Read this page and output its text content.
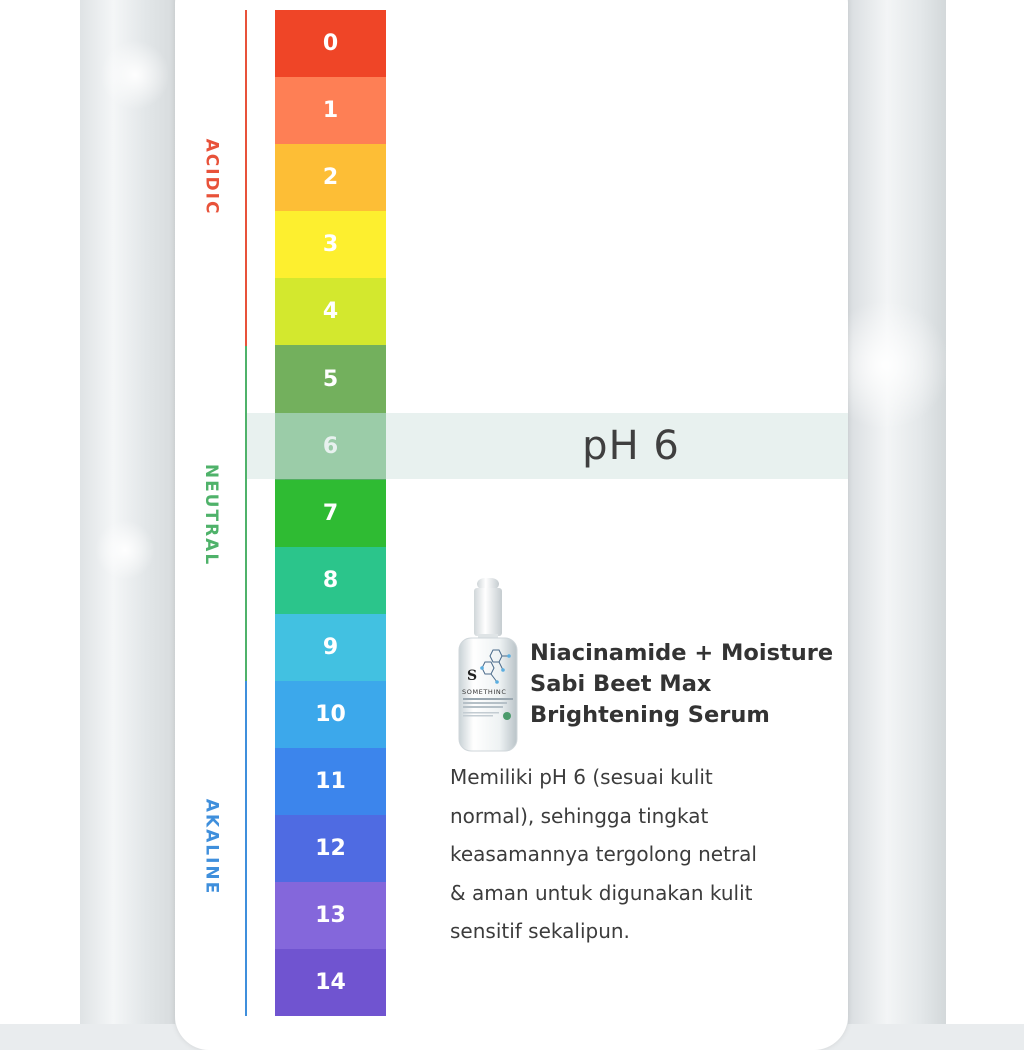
ACIDIC
NEUTRAL
AKALINE
0
1
2
3
4
5
7
8
9
10
11
12
13
14
pH 6
S
SOMETHINC
Niacinamide + Moisture
Sabi Beet Max
Brightening Serum
Memiliki pH 6 (sesuai kulit
normal), sehingga tingkat
keasamannya tergolong netral
& aman untuk digunakan kulit
sensitif sekalipun.
